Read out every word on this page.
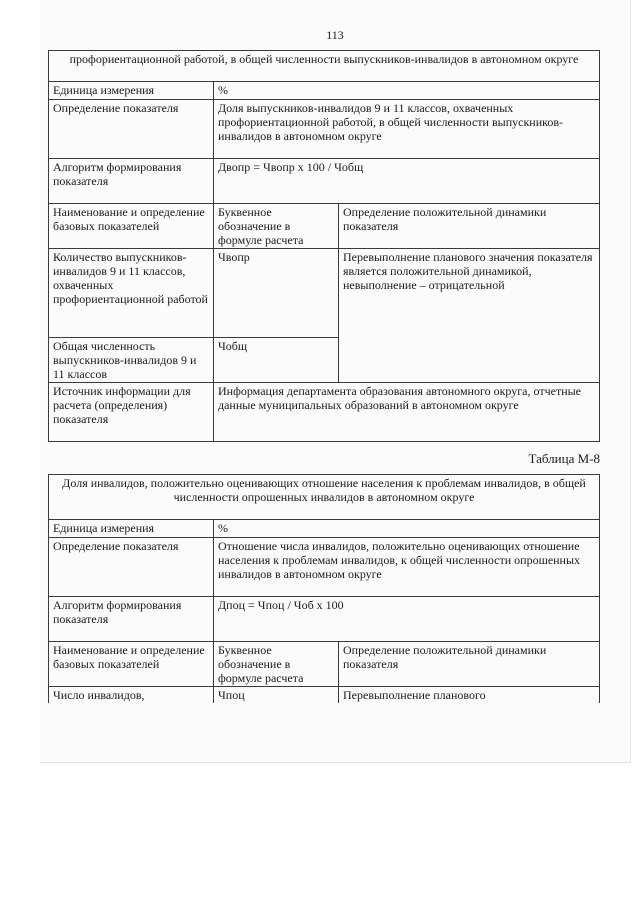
113
профориентационной работой, в общей численности выпускников-инвалидов в автономном округе		
Единица измерения	%	
Определение показателя	Доля выпускников-инвалидов 9 и 11 классов, охваченных профориентационной работой, в общей численности выпускников-инвалидов в автономном округе	
Алгоритм формирования показателя	Двопр = Чвопр х 100 / Чобщ	
Наименование и определение базовых показателей	Буквенное обозначение в формуле расчета	Определение положительной динамики показателя
Количество выпускников-инвалидов 9 и 11 классов, охваченных профориентационной работой	Чвопр	Перевыполнение планового значения показателя является положительной динамикой, невыполнение – отрицательной
Общая численность выпускников-инвалидов 9 и 11 классов	Чобщ	
Источник информации для расчета (определения) показателя	Информация департамента образования автономного округа, отчетные данные муниципальных образований в автономном округе	
Таблица М-8
Доля инвалидов, положительно оценивающих отношение населения к проблемам инвалидов, в общей численности опрошенных инвалидов в автономном округе		
Единица измерения	%	
Определение показателя	Отношение числа инвалидов, положительно оценивающих отношение населения к проблемам инвалидов, к общей численности опрошенных инвалидов в автономном округе	
Алгоритм формирования показателя	Дпоц = Чпоц / Чоб х 100	
Наименование и определение базовых показателей	Буквенное обозначение в формуле расчета	Определение положительной динамики показателя
Число инвалидов,	Чпоц	Перевыполнение планового
